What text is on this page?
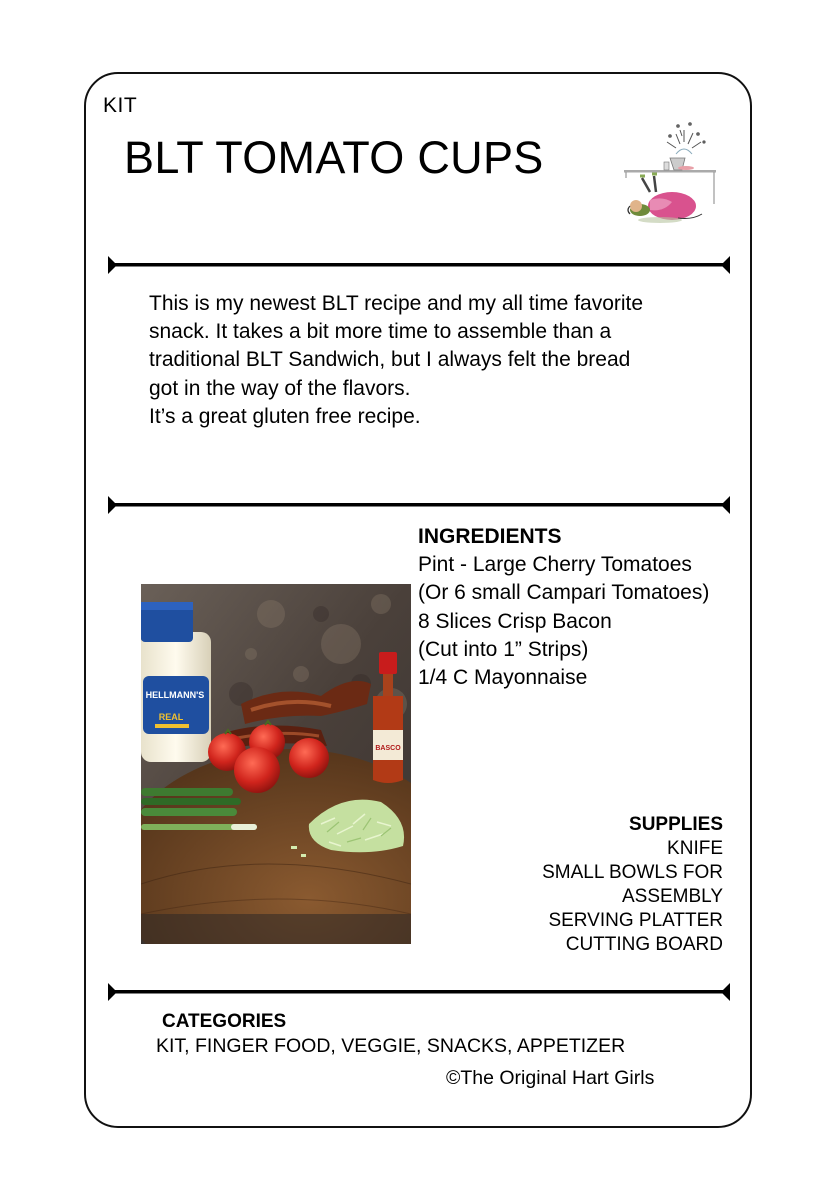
KIT
BLT TOMATO CUPS

This is my newest BLT recipe and my all time favorite snack. It takes a bit more time to assemble than a traditional BLT Sandwich, but I always felt the bread got in the way of the flavors.

It’s a great gluten free recipe.

HELLMANN'S
REAL
BASCO
INGREDIENTS
Pint - Large Cherry Tomatoes
(Or 6 small Campari Tomatoes)
8 Slices Crisp Bacon
(Cut into 1” Strips)
1/4 C Mayonnaise
SUPPLIES
KNIFE
SMALL BOWLS FOR ASSEMBLY
SERVING PLATTER
CUTTING BOARD
CATEGORIES
KIT, FINGER FOOD, VEGGIE, SNACKS, APPETIZER
©The Original Hart Girls
